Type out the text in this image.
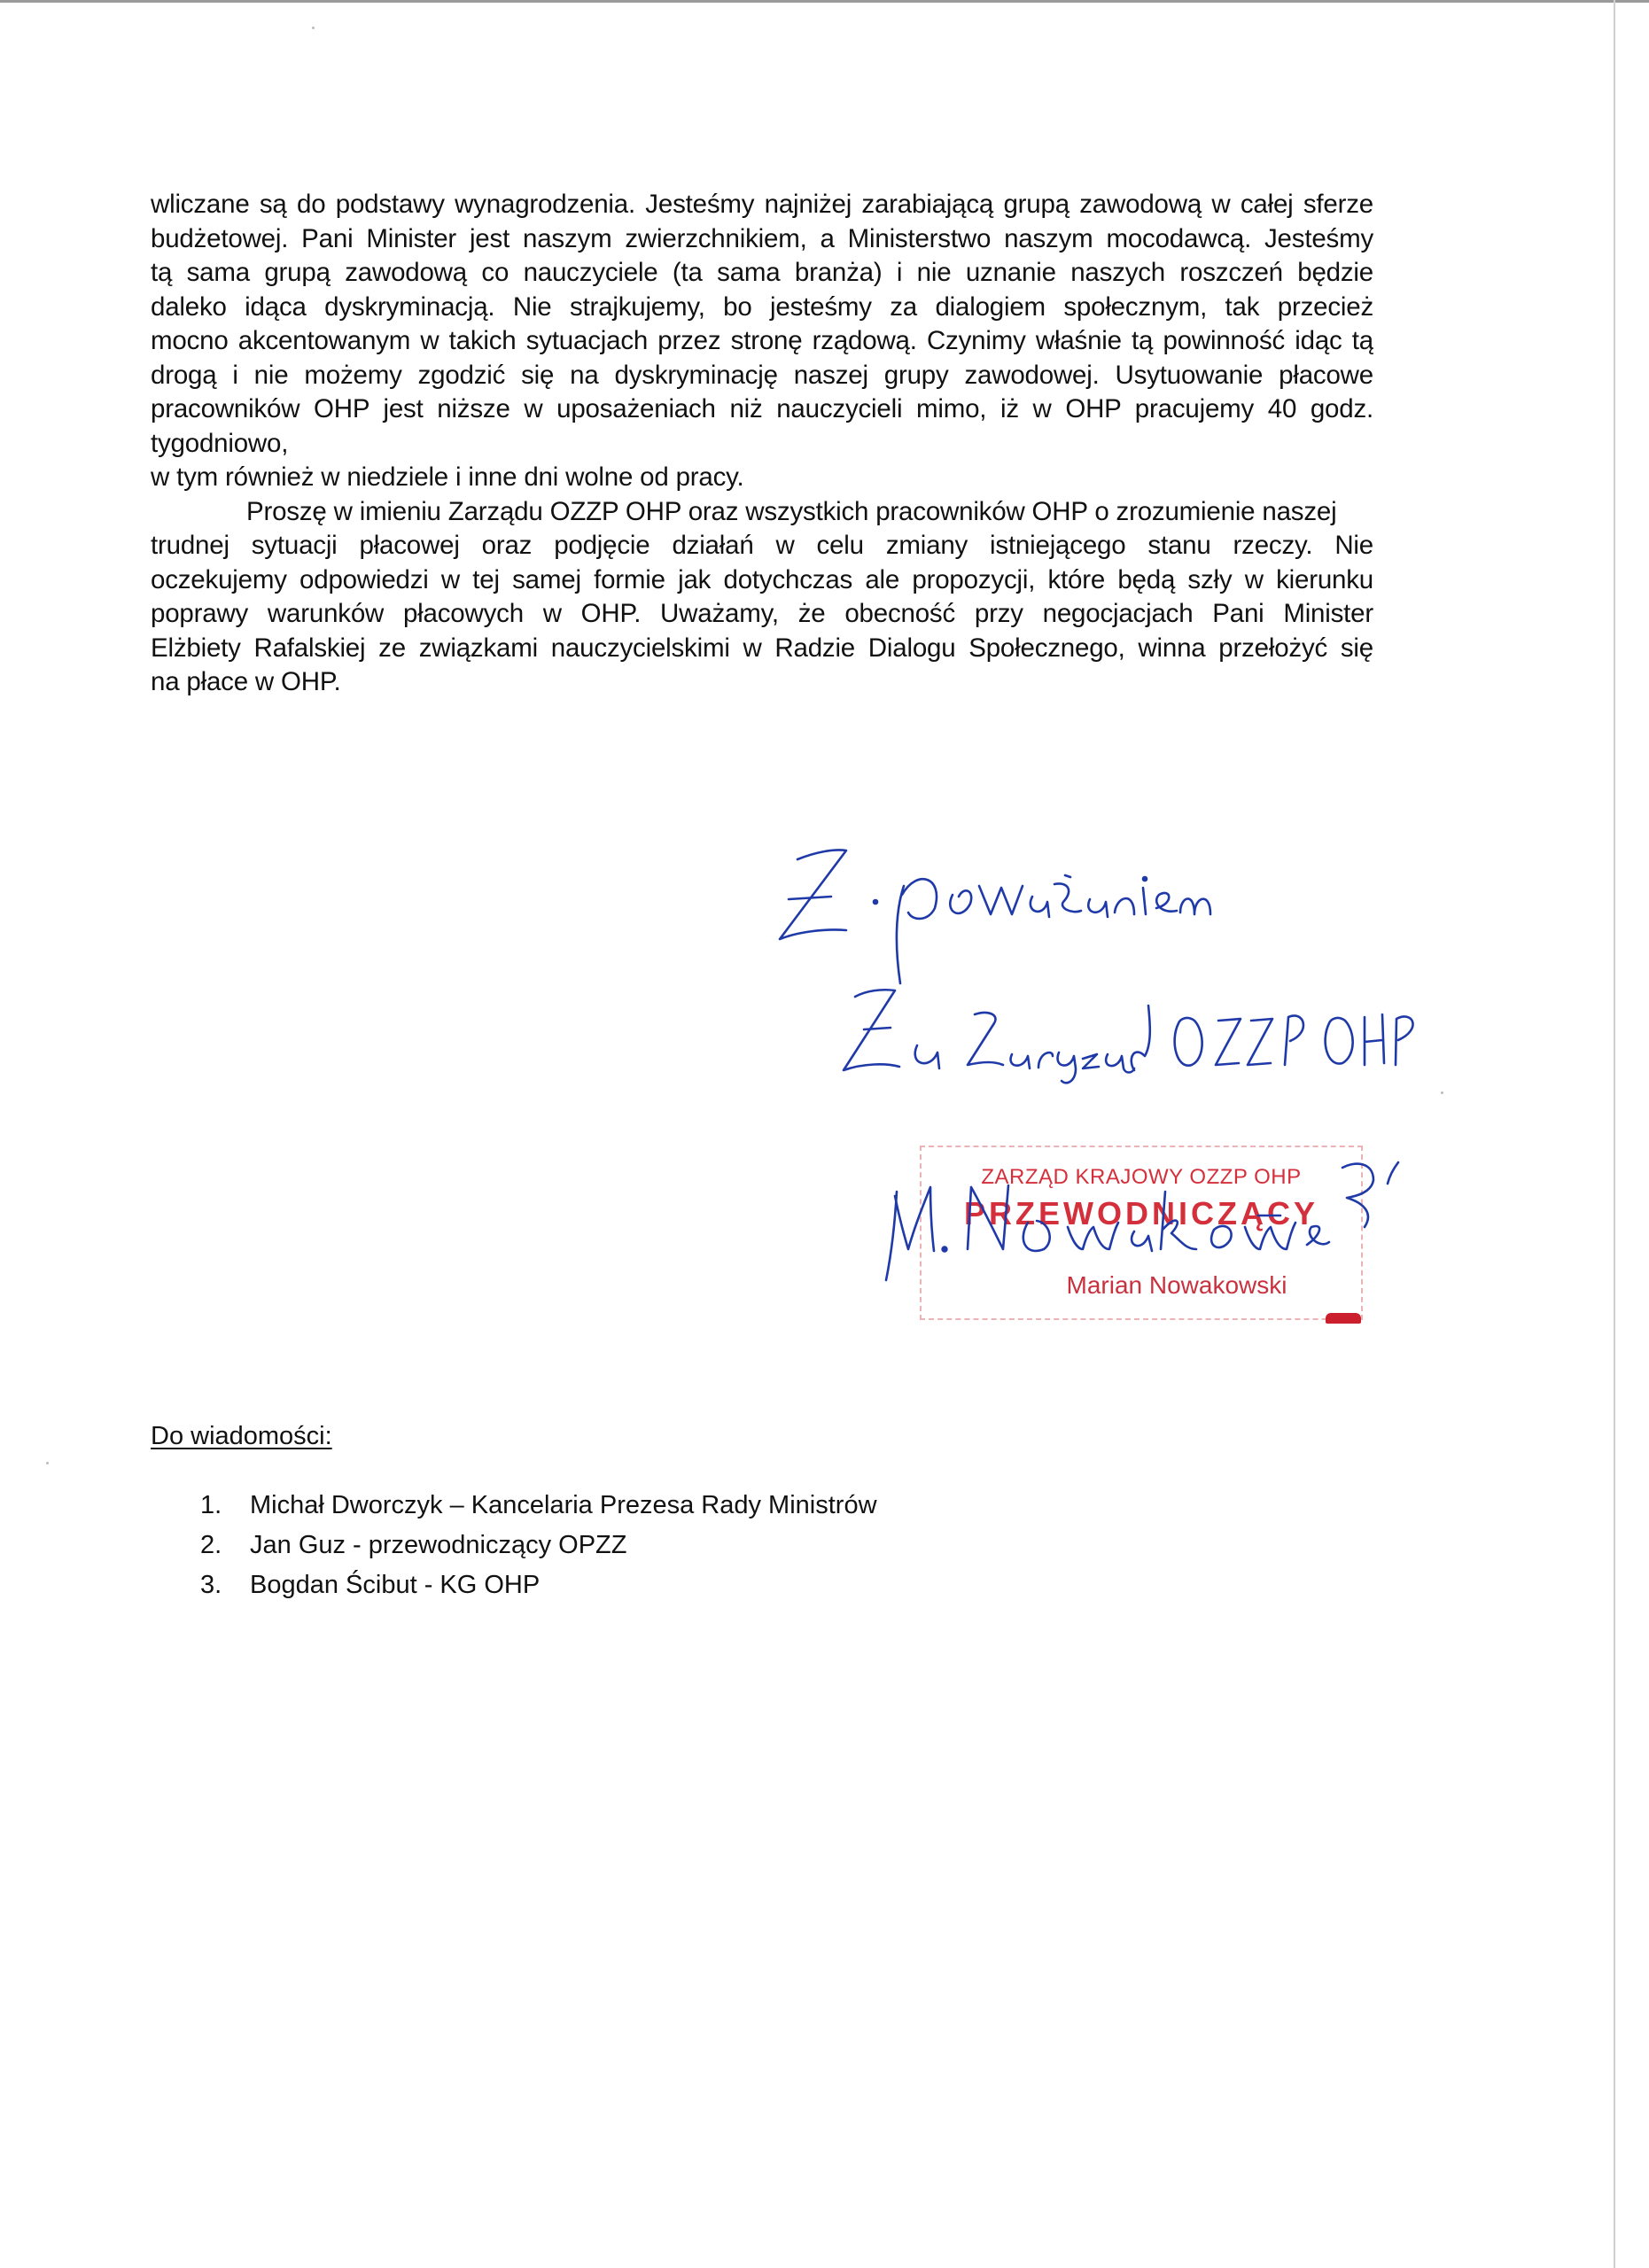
wliczane są do podstawy wynagrodzenia. Jesteśmy najniżej zarabiającą grupą zawodową w całej sferze
budżetowej. Pani Minister jest naszym zwierzchnikiem, a Ministerstwo naszym mocodawcą. Jesteśmy
tą sama grupą zawodową co nauczyciele (ta sama branża) i nie uznanie naszych roszczeń będzie
daleko idąca dyskryminacją. Nie strajkujemy, bo jesteśmy za dialogiem społecznym, tak przecież
mocno akcentowanym w takich sytuacjach przez stronę rządową. Czynimy właśnie tą powinność idąc tą
drogą i nie możemy zgodzić się na dyskryminację naszej grupy zawodowej. Usytuowanie płacowe
pracowników OHP jest niższe w uposażeniach niż nauczycieli mimo, iż w OHP pracujemy 40 godz.
tygodniowo,
w tym również w niedziele i inne dni wolne od pracy.

Proszę w imieniu Zarządu OZZP OHP oraz wszystkich pracowników OHP o zrozumienie naszej
trudnej sytuacji płacowej oraz podjęcie działań w celu zmiany istniejącego stanu rzeczy. Nie
oczekujemy odpowiedzi w tej samej formie jak dotychczas ale propozycji, które będą szły w kierunku
poprawy warunków płacowych w OHP. Uważamy, że obecność przy negocjacjach Pani Minister
Elżbiety Rafalskiej ze związkami nauczycielskimi w Radzie Dialogu Społecznego, winna przełożyć się
na płace w OHP.

ZARZĄD KRAJOWY OZZP OHP
PRZEWODNICZĄCY
Marian Nowakowski
Do wiadomości:
1.	Michał Dworczyk – Kancelaria Prezesa Rady Ministrów
2.	Jan Guz - przewodniczący OPZZ
3.	Bogdan Ścibut - KG OHP
